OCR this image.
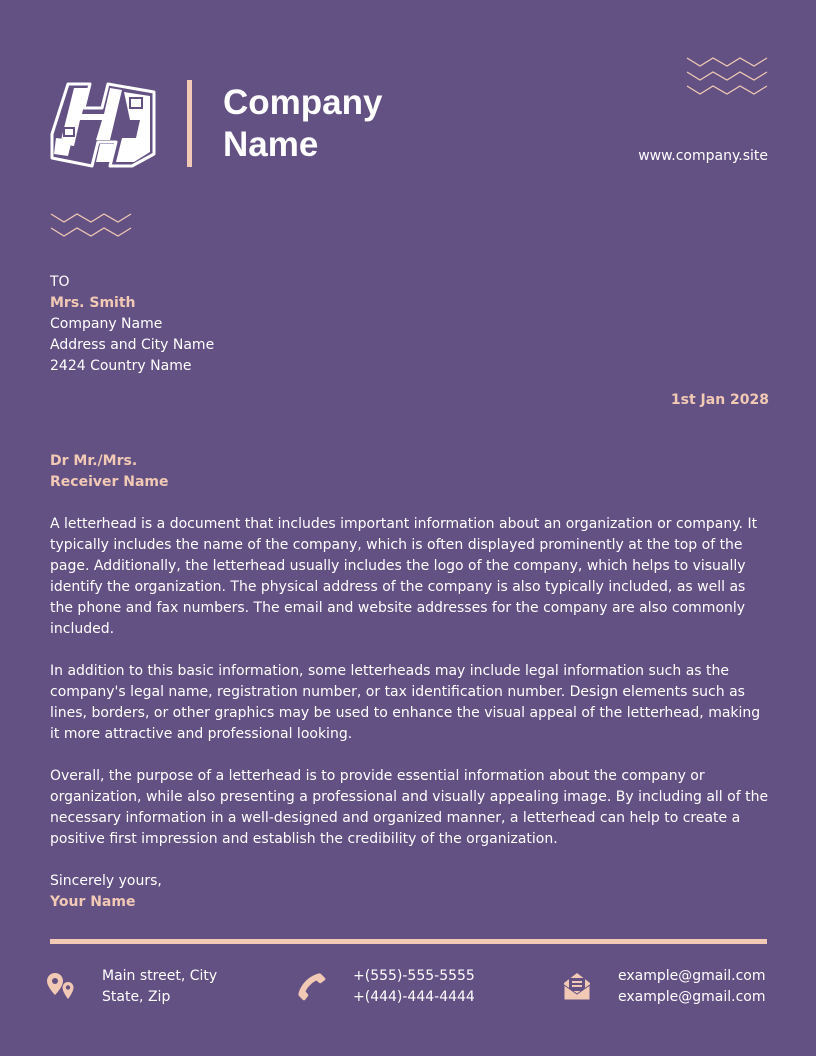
Company
Name	www.company.site
TO
Mrs. Smith
Company Name
Address and City Name
2424 Country Name
1st Jan 2028
Dr Mr./Mrs.
Receiver Name

A letterhead is a document that includes important information about an organization or company. It typically includes the name of the company, which is often displayed prominently at the top of the page. Additionally, the letterhead usually includes the logo of the company, which helps to visually identify the organization. The physical address of the company is also typically included, as well as the phone and fax numbers. The email and website addresses for the company are also commonly included.

In addition to this basic information, some letterheads may include legal information such as the company's legal name, registration number, or tax identification number. Design elements such as lines, borders, or other graphics may be used to enhance the visual appeal of the letterhead, making it more attractive and professional looking.

Overall, the purpose of a letterhead is to provide essential information about the company or organization, while also presenting a professional and visually appealing image. By including all of the necessary information in a well-designed and organized manner, a letterhead can help to create a positive first impression and establish the credibility of the organization.

Sincerely yours,
Your Name
Main street, City
State, Zip
+(555)-555-5555
+(444)-444-4444
example@gmail.com
example@gmail.com
